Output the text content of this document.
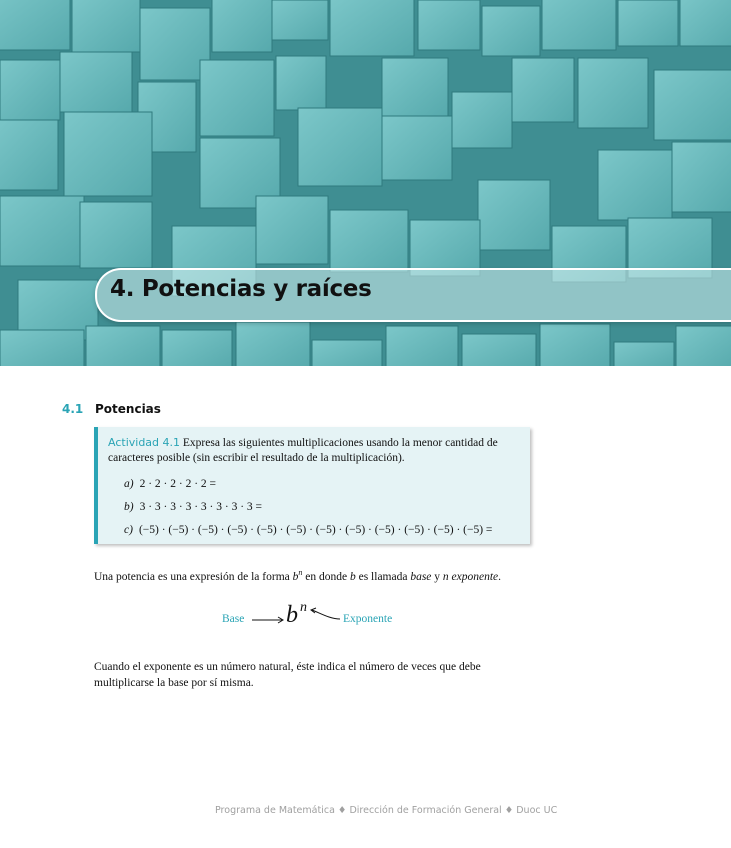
4. Potencias y raíces
4.1 Potencias
Actividad 4.1 Expresa las siguientes multiplicaciones usando la menor cantidad de caracteres posible (sin escribir el resultado de la multiplicación).
a) 2 · 2 · 2 · 2 · 2 =
b) 3 · 3 · 3 · 3 · 3 · 3 · 3 · 3 =
c) (−5) · (−5) · (−5) · (−5) · (−5) · (−5) · (−5) · (−5) · (−5) · (−5) · (−5) · (−5) =
Una potencia es una expresión de la forma $b^n$ en donde b es llamada base y n exponente.
Base b n
Exponente
Cuando el exponente es un número natural, éste indica el número de veces que debe multiplicarse la base por sí misma.
Programa de Matemática ♦ Dirección de Formación General ♦ Duoc UC
